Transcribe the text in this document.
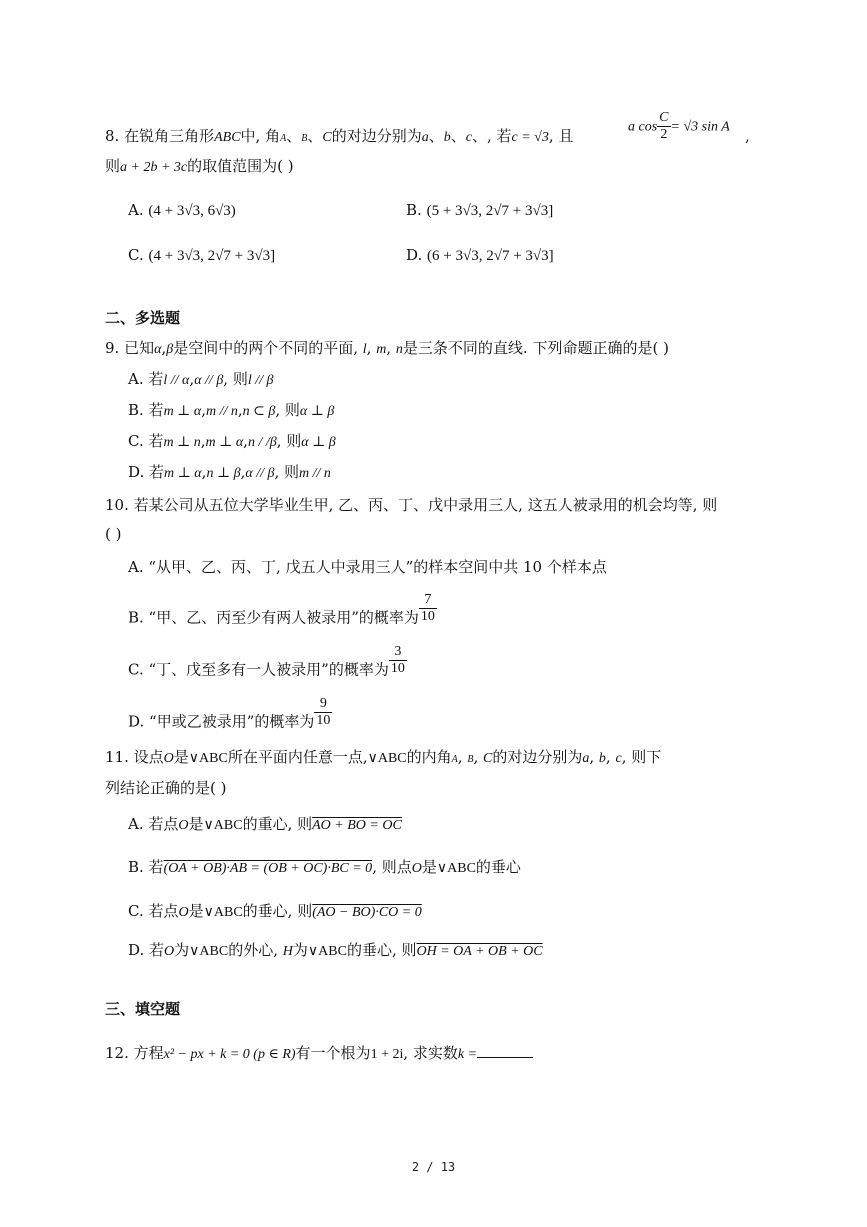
8. 在锐角三角形ABC中, 角A、B、C的对边分别为a、b、c、, 若c = √3, 且	a $\cos \frac{C}{2} = √3$ sin A ,
则a + 2b + 3c的取值范围为( )
A. (4 + 3√3, 6√3)	B. (5 + 3√3, 2√7 + 3√3]
C. (4 + 3√3, 2√7 + 3√3]	D. (6 + 3√3, 2√7 + 3√3]
二、多选题
9. 已知α,β是空间中的两个不同的平面, l, m, n是三条不同的直线. 下列命题正确的是( )
A. 若l // α,α // β, 则l // β
B. 若m ⊥ α,m // n,n ⊂ β, 则α ⊥ β
C. 若m ⊥ n,m ⊥ α,n / /β, 则α ⊥ β
D. 若m ⊥ α,n ⊥ β,α // β, 则m // n
10. 若某公司从五位大学毕业生甲, 乙、丙、丁、戊中录用三人, 这五人被录用的机会均等, 则
( )
A. “从甲、乙、丙、丁, 戊五人中录用三人”的样本空间中共 10 个样本点
B. “甲、乙、丙至少有两人被录用”的概率为 $\frac{7}{10}$
C. “丁、戊至多有一人被录用”的概率为 $\frac{3}{10}$
D. “甲或乙被录用”的概率为 $\frac{9}{10}$
11. 设点O是∨ABC所在平面内任意一点,∨ABC的内角A, B, C的对边分别为a, b, c, 则下
列结论正确的是( )
A. 若点O是∨ABC的重心, 则AO + BO = OC
B. 若(OA + OB)·AB = (OB + OC)·BC = 0, 则点O是∨ABC的垂心
C. 若点O是∨ABC的垂心, 则(AO − BO)·CO = 0
D. 若O为∨ABC的外心, H为∨ABC的垂心, 则OH = OA + OB + OC
三、填空题
12. 方程x² − px + k = 0 (p ∈ R)有一个根为1 + 2i, 求实数k =
2 / 13
